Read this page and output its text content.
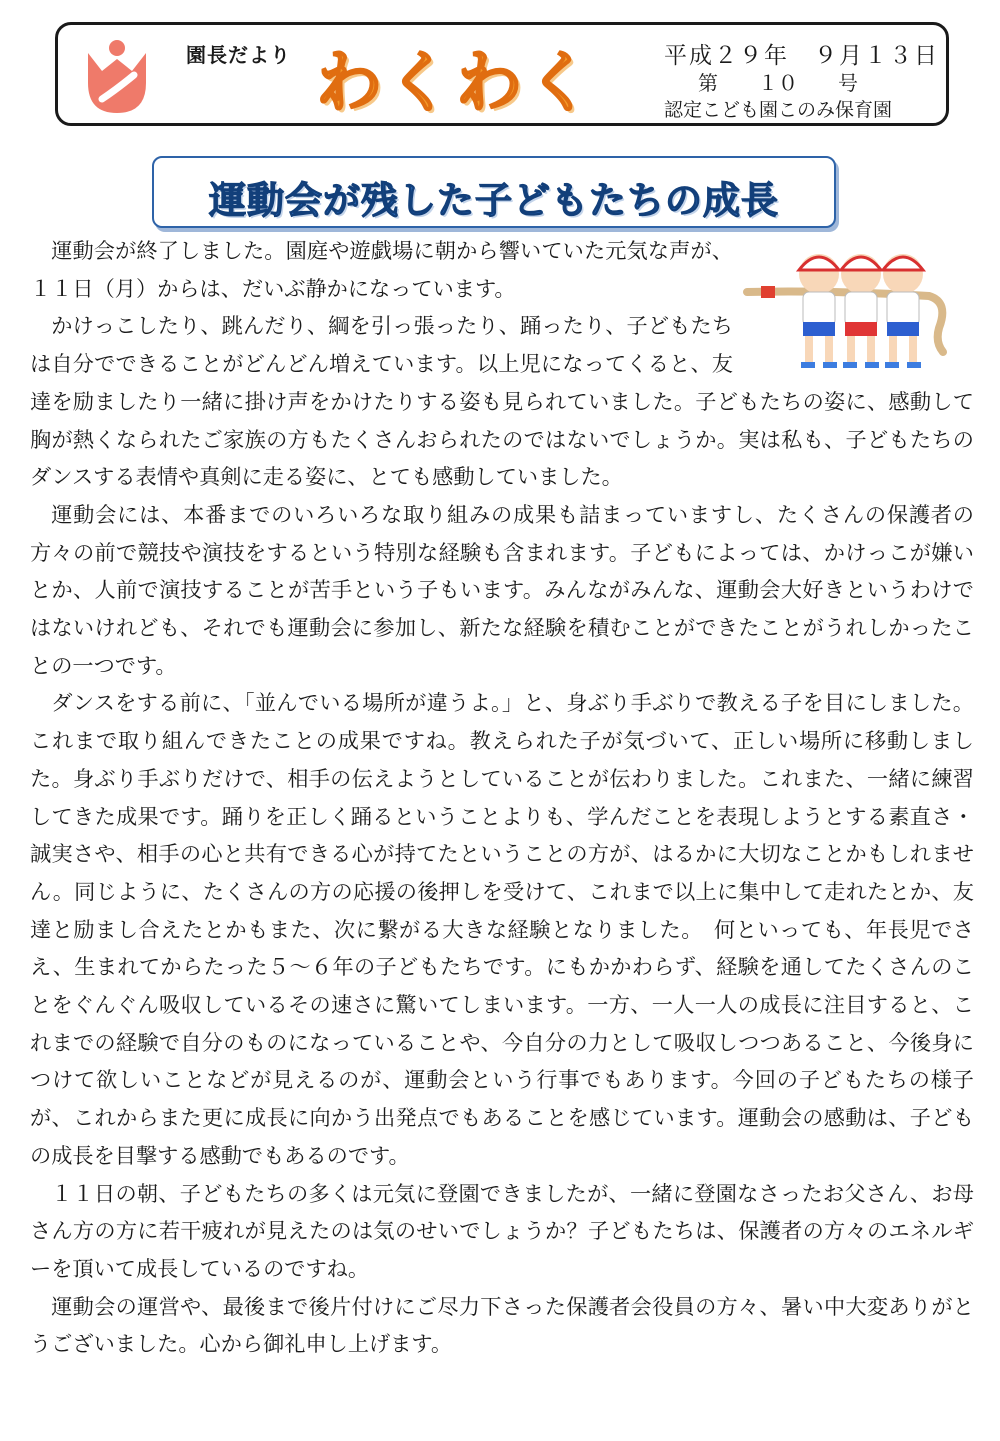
園長だより わくわく	平成２９年　９月１３日
第　　１０　　号
認定こども園このみ保育園
運動会が残した子どもたちの成長

運動会が終了しました。園庭や遊戯場に朝から響いていた元気な声が、１１日（月）からは、だいぶ静かになっています。

かけっこしたり、跳んだり、綱を引っ張ったり、踊ったり、子どもたちは自分でできることがどんどん増えています。以上児になってくると、友達を励ましたり一緒に掛け声をかけたりする姿も見られていました。子どもたちの姿に、感動して胸が熱くなられたご家族の方もたくさんおられたのではないでしょうか。実は私も、子どもたちのダンスする表情や真剣に走る姿に、とても感動していました。

運動会には、本番までのいろいろな取り組みの成果も詰まっていますし、たくさんの保護者の方々の前で競技や演技をするという特別な経験も含まれます。子どもによっては、かけっこが嫌いとか、人前で演技することが苦手という子もいます。みんながみんな、運動会大好きというわけではないけれども、それでも運動会に参加し、新たな経験を積むことができたことがうれしかったことの一つです。

ダンスをする前に、「並んでいる場所が違うよ。」と、身ぶり手ぶりで教える子を目にしました。これまで取り組んできたことの成果ですね。教えられた子が気づいて、正しい場所に移動しました。身ぶり手ぶりだけで、相手の伝えようとしていることが伝わりました。これまた、一緒に練習してきた成果です。踊りを正しく踊るということよりも、学んだことを表現しようとする素直さ・誠実さや、相手の心と共有できる心が持てたということの方が、はるかに大切なことかもしれません。同じように、たくさんの方の応援の後押しを受けて、これまで以上に集中して走れたとか、友達と励まし合えたとかもまた、次に繋がる大きな経験となりました。　何といっても、年長児でさえ、生まれてからたった５～６年の子どもたちです。にもかかわらず、経験を通してたくさんのことをぐんぐん吸収しているその速さに驚いてしまいます。一方、一人一人の成長に注目すると、これまでの経験で自分のものになっていることや、今自分の力として吸収しつつあること、今後身につけて欲しいことなどが見えるのが、運動会という行事でもあります。今回の子どもたちの様子が、これからまた更に成長に向かう出発点でもあることを感じています。運動会の感動は、子どもの成長を目撃する感動でもあるのです。

１１日の朝、子どもたちの多くは元気に登園できましたが、一緒に登園なさったお父さん、お母さん方の方に若干疲れが見えたのは気のせいでしょうか？子どもたちは、保護者の方々のエネルギーを頂いて成長しているのですね。

運動会の運営や、最後まで後片付けにご尽力下さった保護者会役員の方々、暑い中大変ありがとうございました。心から御礼申し上げます。
